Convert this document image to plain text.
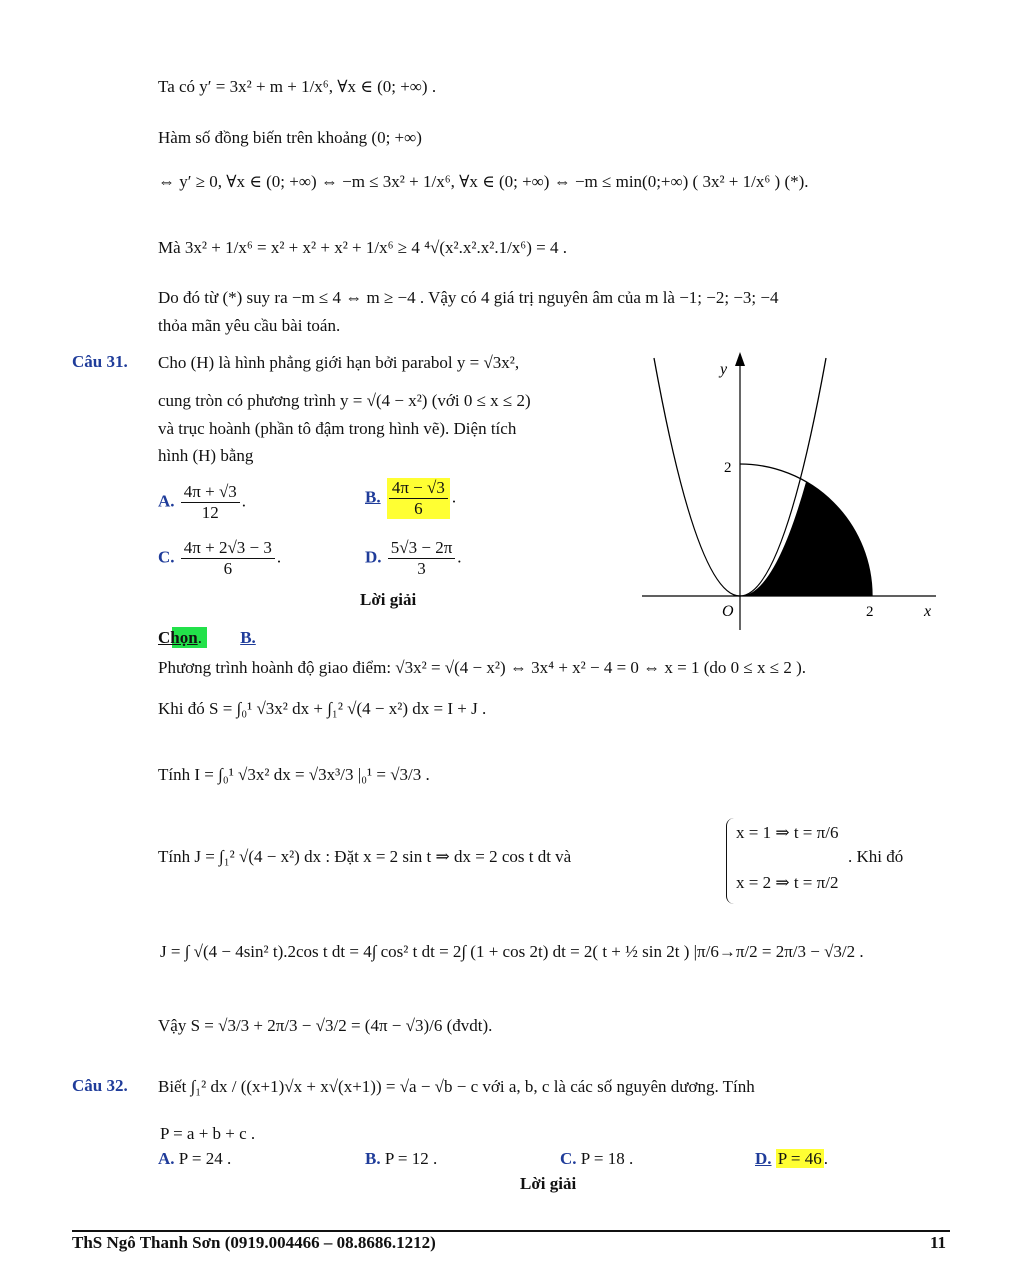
Ta có y′ = 3x² + m + 1/x⁶, ∀x ∈ (0; +∞) .
Hàm số đồng biến trên khoảng (0; +∞)
⇔ y′ ≥ 0, ∀x ∈ (0; +∞) ⇔ −m ≤ 3x² + 1/x⁶, ∀x ∈ (0; +∞) ⇔ −m ≤ min(0;+∞) ( 3x² + 1/x⁶ ) (*).
Mà 3x² + 1/x⁶ = x² + x² + x² + 1/x⁶ ≥ 4 ⁴√(x².x².x².1/x⁶) = 4 .
Do đó từ (*) suy ra −m ≤ 4 ⇔ m ≥ −4 . Vậy có 4 giá trị nguyên âm của m là −1; −2; −3; −4
thỏa mãn yêu cầu bài toán.
Câu 31. Cho (H) là hình phẳng giới hạn bởi parabol y = √3x²,
cung tròn có phương trình y = √(4 − x²) (với 0 ≤ x ≤ 2)
và trục hoành (phần tô đậm trong hình vẽ). Diện tích
hình (H) bằng
A. $\frac{4\pi + √3}{12}$ .	B. $\frac{4\pi - √3}{6}$ .
C. $\frac{4\pi + 2√3 - 3}{6}$ .	D. $\frac{5√3 - 2\pi}{3}$ .
Lời giải
y
x
O
2
2
Chọn.         B.
Phương trình hoành độ giao điểm: √3x² = √(4 − x²) ⇔ 3x⁴ + x² − 4 = 0 ⇔ x = 1 (do 0 ≤ x ≤ 2 ).
Khi đó S = ∫₀¹ √3x² dx + ∫₁² √(4 − x²) dx = I + J .
Tính I = ∫₀¹ √3x² dx = √3x³/3 |₀¹ = √3/3 .
Tính J = ∫₁² √(4 − x²) dx : Đặt x = 2 sin t ⇒ dx = 2 cos t dt và
x = 1 ⇒ t = π/6
x = 2 ⇒ t = π/2
. Khi đó
J = ∫ √(4 − 4sin² t).2cos t dt = 4∫ cos² t dt = 2∫ (1 + cos 2t) dt = 2( t + ½ sin 2t ) |π/6→π/2 = 2π/3 − √3/2 .
Vậy S = √3/3 + 2π/3 − √3/2 = (4π − √3)/6 (đvdt).
Câu 32. Biết ∫₁² dx / ((x+1)√x + x√(x+1)) = √a − √b − c với a, b, c là các số nguyên dương. Tính
P = a + b + c .
A. P = 24 .	B. P = 12 .	C. P = 18 .	D. P = 46 .
Lời giải
ThS Ngô Thanh Sơn (0919.004466 – 08.8686.1212)	11
